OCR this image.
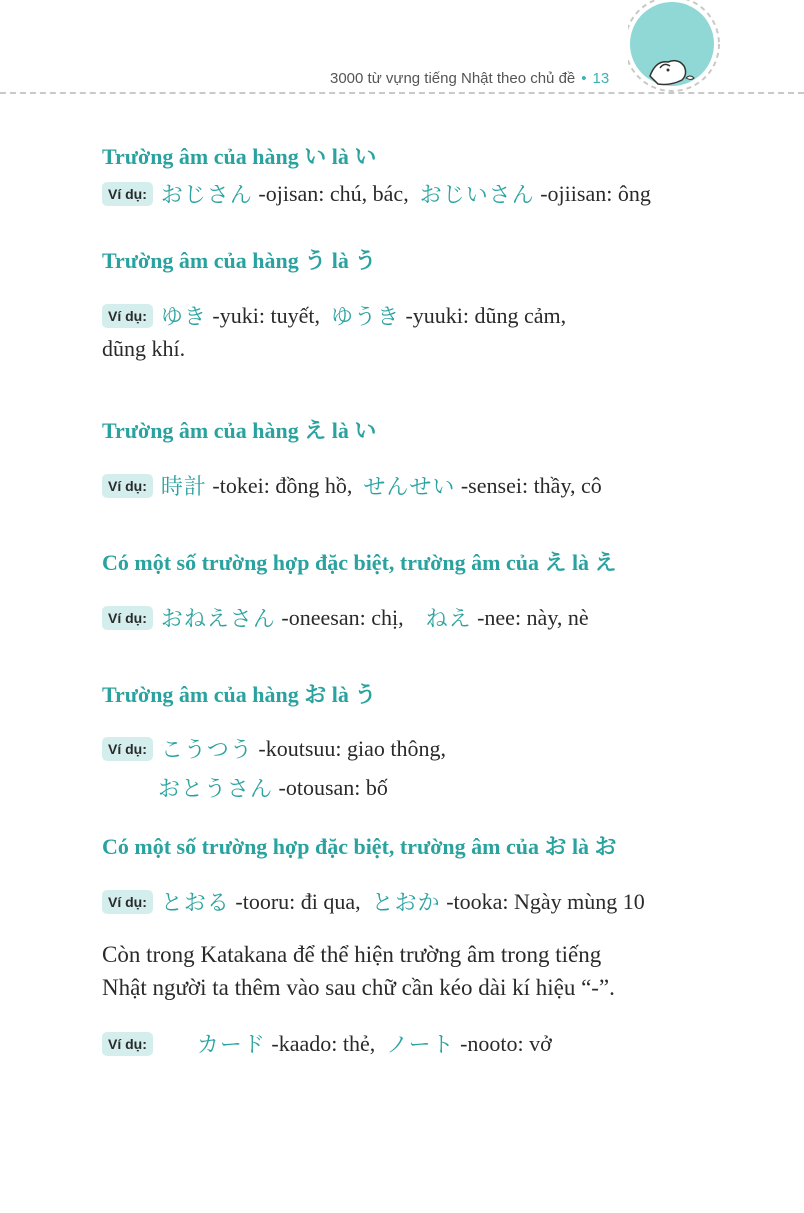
3000 từ vựng tiếng Nhật theo chủ đề • 13
Trường âm của hàng い là い
Ví dụ: おじさん
-ojisan: chú, bác,
おじいさん
-ojiisan: ông
Trường âm của hàng う là う
Ví dụ: ゆき
-yuki: tuyết,
ゆうき
-yuuki: dũng cảm,
dũng khí.
Trường âm của hàng え là い
Ví dụ: 時計
-tokei: đồng hồ,
せんせい
-sensei: thầy, cô
Có một số trường hợp đặc biệt, trường âm của え là え
Ví dụ: おねえさん
-oneesan: chị,
ねえ
-nee: này, nè
Trường âm của hàng お là う
Ví dụ: こうつう
-koutsuu: giao thông,
おとうさん
-otousan: bố
Có một số trường hợp đặc biệt, trường âm của お là お
Ví dụ: とおる
-tooru: đi qua,
とおか
-tooka: Ngày mùng 10
Còn trong Katakana để thể hiện trường âm trong tiếng
Nhật người ta thêm vào sau chữ cần kéo dài kí hiệu “-”.
Ví dụ: カード
-kaado: thẻ,
ノート
-nooto: vở
